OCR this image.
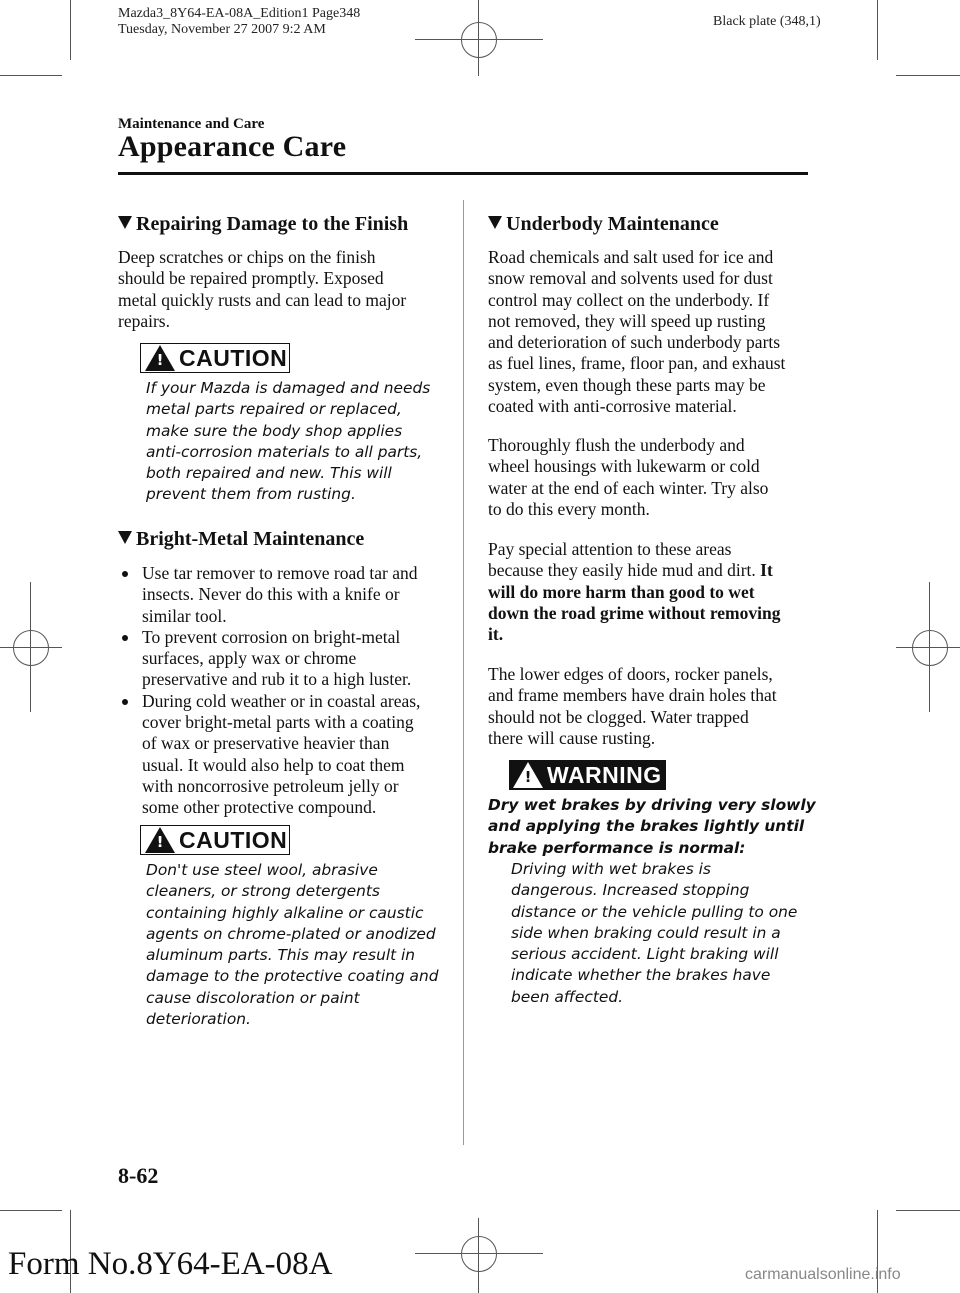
Mazda3_8Y64-EA-08A_Edition1 Page348
Tuesday, November 27 2007 9:2 AM
Black plate (348,1)
Maintenance and Care
Appearance Care
Repairing Damage to the Finish
Deep scratches or chips on the finish
should be repaired promptly. Exposed
metal quickly rusts and can lead to major
repairs.
! CAUTION
If your Mazda is damaged and needs
metal parts repaired or replaced,
make sure the body shop applies
anti-corrosion materials to all parts,
both repaired and new. This will
prevent them from rusting.
Bright-Metal Maintenance
Use tar remover to remove road tar and
insects. Never do this with a knife or
similar tool.
To prevent corrosion on bright-metal
surfaces, apply wax or chrome
preservative and rub it to a high luster.
During cold weather or in coastal areas,
cover bright-metal parts with a coating
of wax or preservative heavier than
usual. It would also help to coat them
with noncorrosive petroleum jelly or
some other protective compound.
! CAUTION
Don't use steel wool, abrasive
cleaners, or strong detergents
containing highly alkaline or caustic
agents on chrome-plated or anodized
aluminum parts. This may result in
damage to the protective coating and
cause discoloration or paint
deterioration.
Underbody Maintenance
Road chemicals and salt used for ice and
snow removal and solvents used for dust
control may collect on the underbody. If
not removed, they will speed up rusting
and deterioration of such underbody parts
as fuel lines, frame, floor pan, and exhaust
system, even though these parts may be
coated with anti-corrosive material.
Thoroughly flush the underbody and
wheel housings with lukewarm or cold
water at the end of each winter. Try also
to do this every month.
Pay special attention to these areas
because they easily hide mud and dirt. It
will do more harm than good to wet
down the road grime without removing
it.
The lower edges of doors, rocker panels,
and frame members have drain holes that
should not be clogged. Water trapped
there will cause rusting.
! WARNING
Dry wet brakes by driving very slowly
and applying the brakes lightly until
brake performance is normal:
Driving with wet brakes is
dangerous. Increased stopping
distance or the vehicle pulling to one
side when braking could result in a
serious accident. Light braking will
indicate whether the brakes have
been affected.
8-62
Form No.8Y64-EA-08A	carmanualsonline.info
